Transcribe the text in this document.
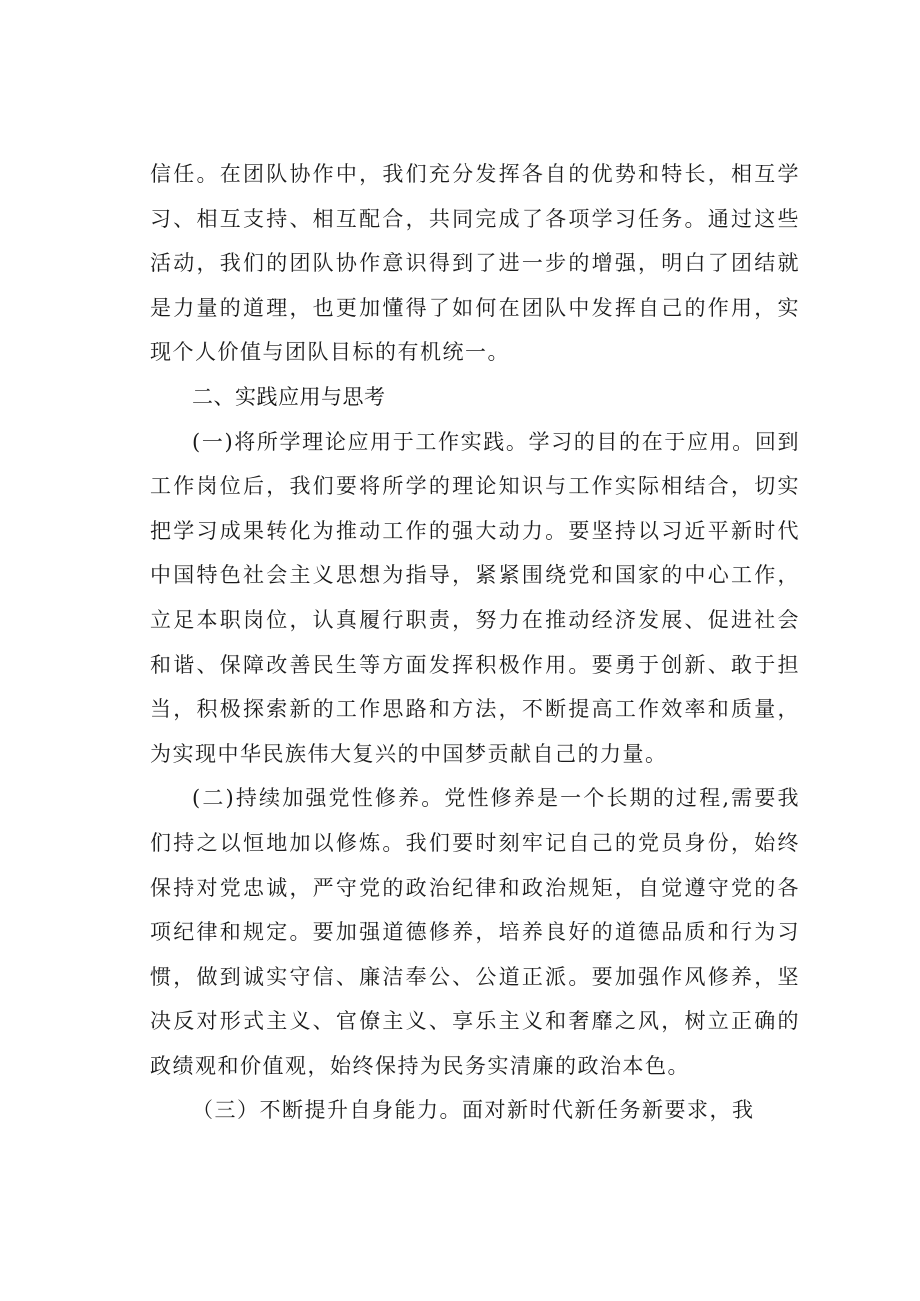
信任。在团队协作中，我们充分发挥各自的优势和特长，相互学习、相互支持、相互配合，共同完成了各项学习任务。通过这些活动，我们的团队协作意识得到了进一步的增强，明白了团结就是力量的道理，也更加懂得了如何在团队中发挥自己的作用，实现个人价值与团队目标的有机统一。

二、实践应用与思考

(一)将所学理论应用于工作实践。学习的目的在于应用。回到工作岗位后，我们要将所学的理论知识与工作实际相结合，切实把学习成果转化为推动工作的强大动力。要坚持以习近平新时代中国特色社会主义思想为指导，紧紧围绕党和国家的中心工作，立足本职岗位，认真履行职责，努力在推动经济发展、促进社会和谐、保障改善民生等方面发挥积极作用。要勇于创新、敢于担当，积极探索新的工作思路和方法，不断提高工作效率和质量，为实现中华民族伟大复兴的中国梦贡献自己的力量。

(二)持续加强党性修养。党性修养是一个长期的过程,需要我们持之以恒地加以修炼。我们要时刻牢记自己的党员身份，始终保持对党忠诚，严守党的政治纪律和政治规矩，自觉遵守党的各项纪律和规定。要加强道德修养，培养良好的道德品质和行为习惯，做到诚实守信、廉洁奉公、公道正派。要加强作风修养，坚决反对形式主义、官僚主义、享乐主义和奢靡之风，树立正确的政绩观和价值观，始终保持为民务实清廉的政治本色。

（三）不断提升自身能力。面对新时代新任务新要求，我
